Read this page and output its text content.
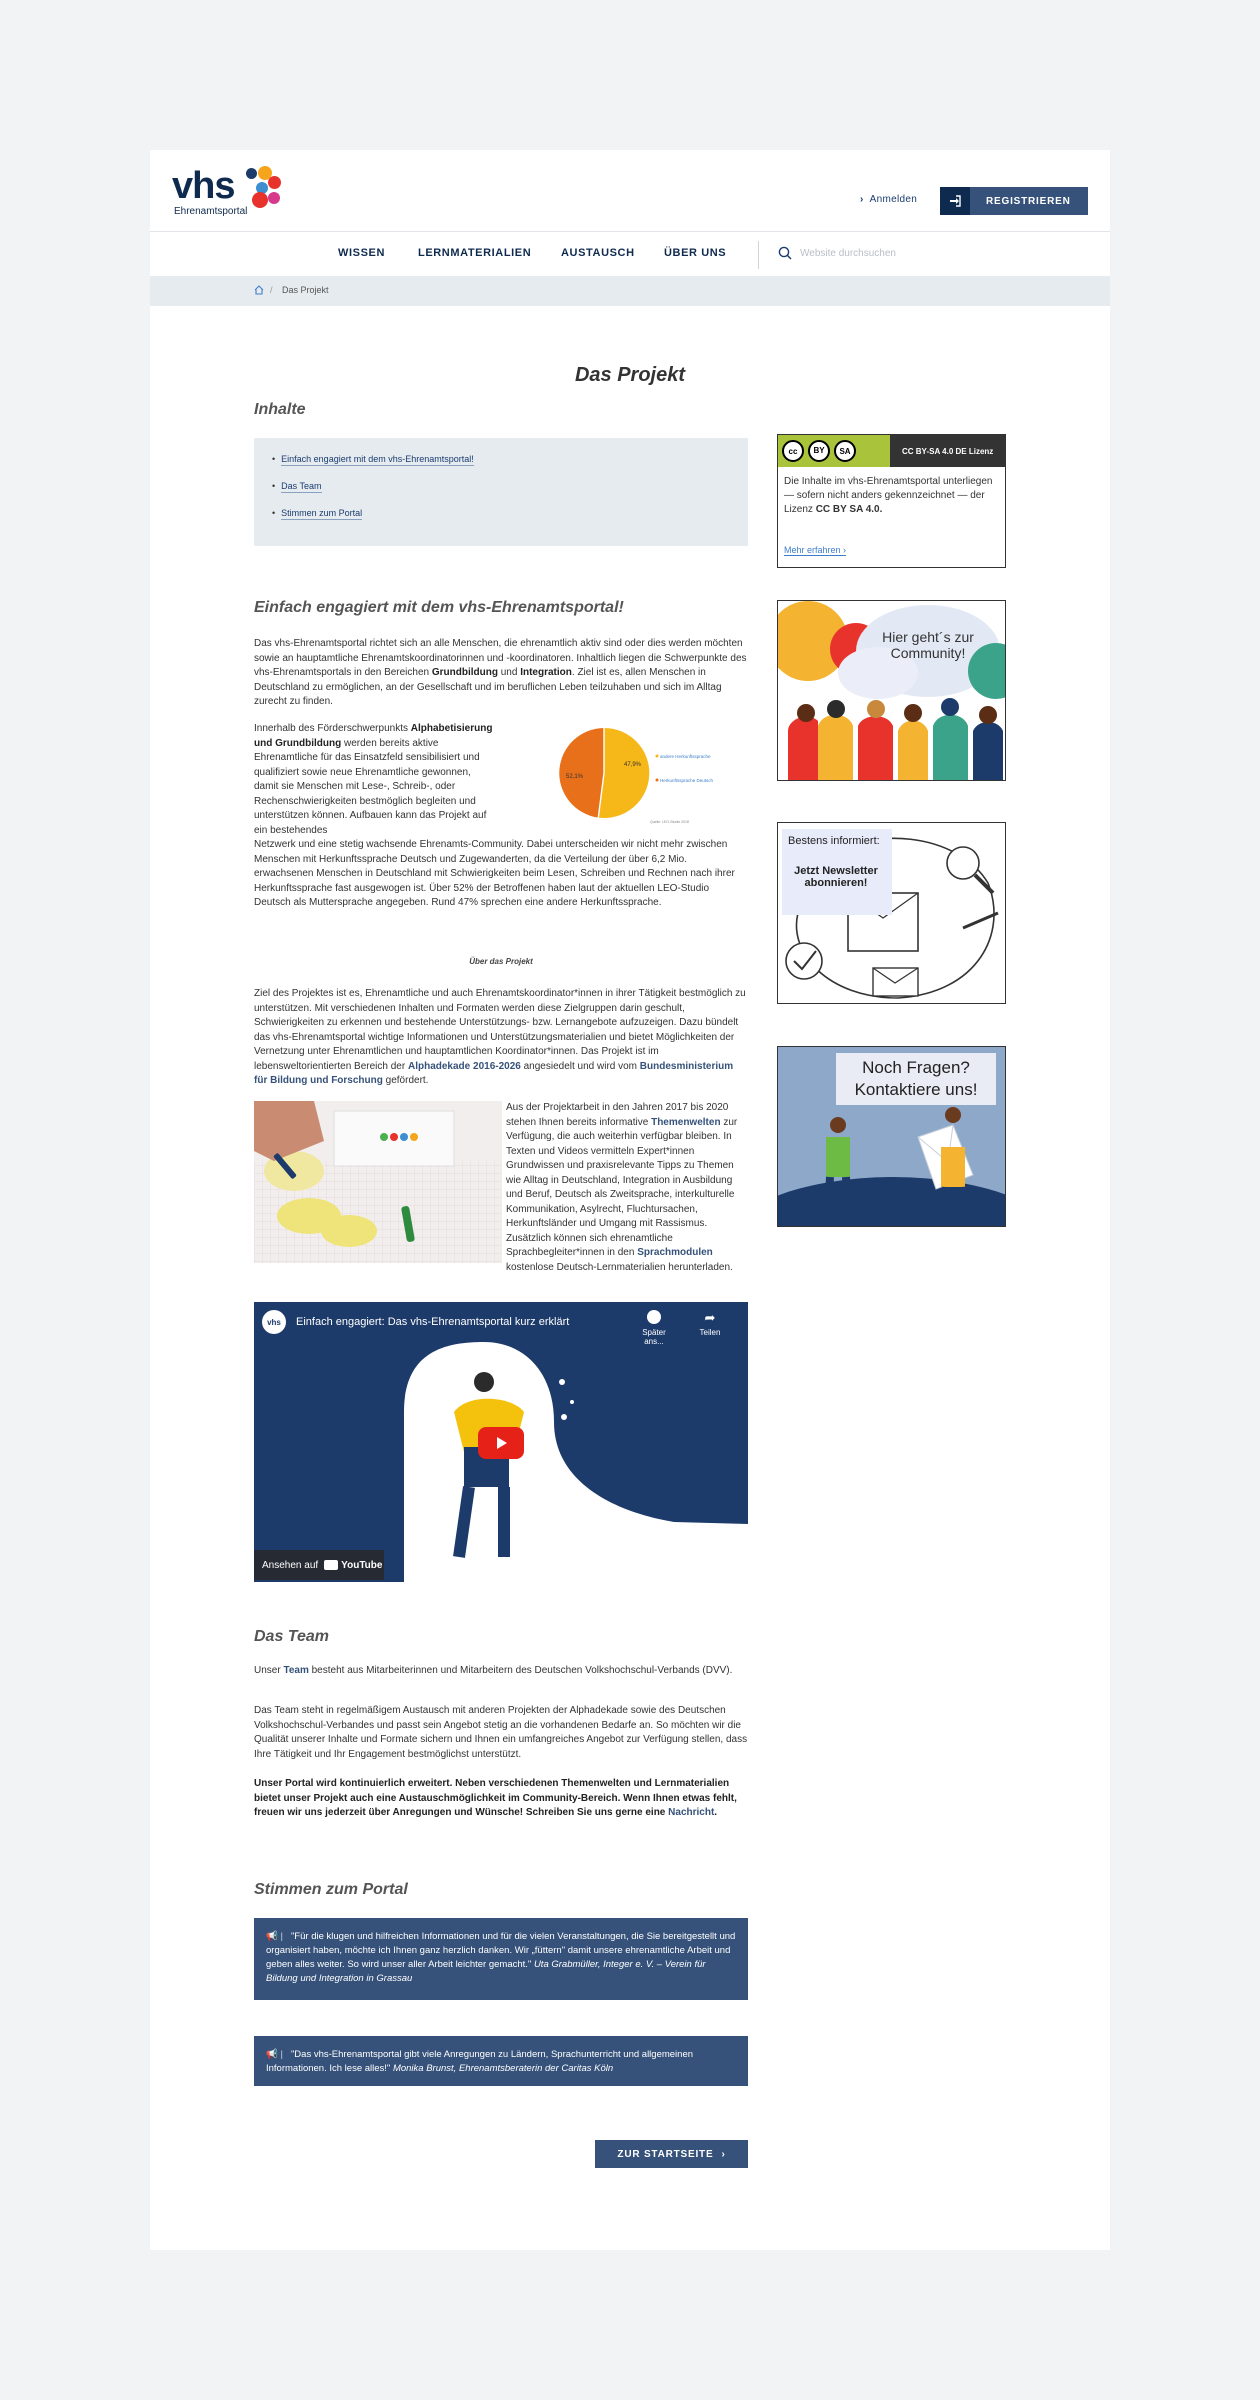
vhs
Ehrenamtsportal
› Anmelden	REGISTRIEREN
WISSEN	LERNMATERIALIEN	AUSTAUSCH	ÜBER UNS
Website durchsuchen
/ Das Projekt
Das Projekt
Inhalte
• Einfach engagiert mit dem vhs-Ehrenamtsportal!
• Das Team
• Stimmen zum Portal
Einfach engagiert mit dem vhs-Ehrenamtsportal!
Das vhs-Ehrenamtsportal richtet sich an alle Menschen, die ehrenamtlich aktiv sind oder dies werden möchten sowie an hauptamtliche Ehrenamtskoordinatorinnen und -koordinatoren. Inhaltlich liegen die Schwerpunkte des vhs-Ehrenamtsportals in den Bereichen Grundbildung und Integration. Ziel ist es, allen Menschen in Deutschland zu ermöglichen, an der Gesellschaft und im beruflichen Leben teilzuhaben und sich im Alltag zurecht zu finden.
Innerhalb des Förderschwerpunkts Alphabetisierung und Grundbildung werden bereits aktive Ehrenamtliche für das Einsatzfeld sensibilisiert und qualifiziert sowie neue Ehrenamtliche gewonnen, damit sie Menschen mit Lese-, Schreib-, oder Rechenschwierigkeiten bestmöglich begleiten und unterstützen können. Aufbauen kann das Projekt auf ein bestehendes
52,1%
47,9%
andere Herkunftssprache
Herkunftssprache Deutsch
Quelle: LEO-Studie 2018
Netzwerk und eine stetig wachsende Ehrenamts-Community. Dabei unterscheiden wir nicht mehr zwischen Menschen mit Herkunftssprache Deutsch und Zugewanderten, da die Verteilung der über 6,2 Mio. erwachsenen Menschen in Deutschland mit Schwierigkeiten beim Lesen, Schreiben und Rechnen nach ihrer Herkunftssprache fast ausgewogen ist. Über 52% der Betroffenen haben laut der aktuellen LEO-Studio Deutsch als Muttersprache angegeben. Rund 47% sprechen eine andere Herkunftssprache.
Über das Projekt
Ziel des Projektes ist es, Ehrenamtliche und auch Ehrenamtskoordinator*innen in ihrer Tätigkeit bestmöglich zu unterstützen. Mit verschiedenen Inhalten und Formaten werden diese Zielgruppen darin geschult, Schwierigkeiten zu erkennen und bestehende Unterstützungs- bzw. Lernangebote aufzuzeigen. Dazu bündelt das vhs-Ehrenamtsportal wichtige Informationen und Unterstützungsmaterialien und bietet Möglichkeiten der Vernetzung unter Ehrenamtlichen und hauptamtlichen Koordinator*innen. Das Projekt ist im lebensweltorientierten Bereich der Alphadekade 2016-2026 angesiedelt und wird vom Bundesministerium für Bildung und Forschung gefördert.
Aus der Projektarbeit in den Jahren 2017 bis 2020 stehen Ihnen bereits informative Themenwelten zur Verfügung, die auch weiterhin verfügbar bleiben. In Texten und Videos vermitteln Expert*innen Grundwissen und praxisrelevante Tipps zu Themen wie Alltag in Deutschland, Integration in Ausbildung und Beruf, Deutsch als Zweitsprache, interkulturelle Kommunikation, Asylrecht, Fluchtursachen, Herkunftsländer und Umgang mit Rassismus. Zusätzlich können sich ehrenamtliche Sprachbegleiter*innen in den Sprachmodulen kostenlose Deutsch-Lernmaterialien herunterladen.
vhs	Einfach engagiert: Das vhs-Ehrenamtsportal kurz erklärt
Später ans...
➦
Teilen
Ansehen auf YouTube
Das Team
Unser Team besteht aus Mitarbeiterinnen und Mitarbeitern des Deutschen Volkshochschul-Verbands (DVV).
Das Team steht in regelmäßigem Austausch mit anderen Projekten der Alphadekade sowie des Deutschen Volkshochschul-Verbandes und passt sein Angebot stetig an die vorhandenen Bedarfe an. So möchten wir die Qualität unserer Inhalte und Formate sichern und Ihnen ein umfangreiches Angebot zur Verfügung stellen, dass Ihre Tätigkeit und Ihr Engagement bestmöglichst unterstützt.
Unser Portal wird kontinuierlich erweitert. Neben verschiedenen Themenwelten und Lernmaterialien bietet unser Projekt auch eine Austauschmöglichkeit im Community-Bereich. Wenn Ihnen etwas fehlt, freuen wir uns jederzeit über Anregungen und Wünsche! Schreiben Sie uns gerne eine Nachricht.
Stimmen zum Portal
📢 | "Für die klugen und hilfreichen Informationen und für die vielen Veranstaltungen, die Sie bereitgestellt und organisiert haben, möchte ich Ihnen ganz herzlich danken. Wir „füttern" damit unsere ehrenamtliche Arbeit und geben alles weiter. So wird unser aller Arbeit leichter gemacht." Uta Grabmüller, Integer e. V. – Verein für Bildung und Integration in Grassau
📢 | "Das vhs-Ehrenamtsportal gibt viele Anregungen zu Ländern, Sprachunterricht und allgemeinen Informationen. Ich lese alles!" Monika Brunst, Ehrenamtsberaterin der Caritas Köln
ZUR STARTSEITE ›
cc	BY	SA	CC BY-SA 4.0 DE Lizenz
Die Inhalte im vhs-Ehrenamtsportal unterliegen — sofern nicht anders gekennzeichnet — der Lizenz CC BY SA 4.0.
Mehr erfahren ›
Hier geht´s zur Community!
Bestens informiert:
Jetzt Newsletter abonnieren!
Noch Fragen? Kontaktiere uns!
